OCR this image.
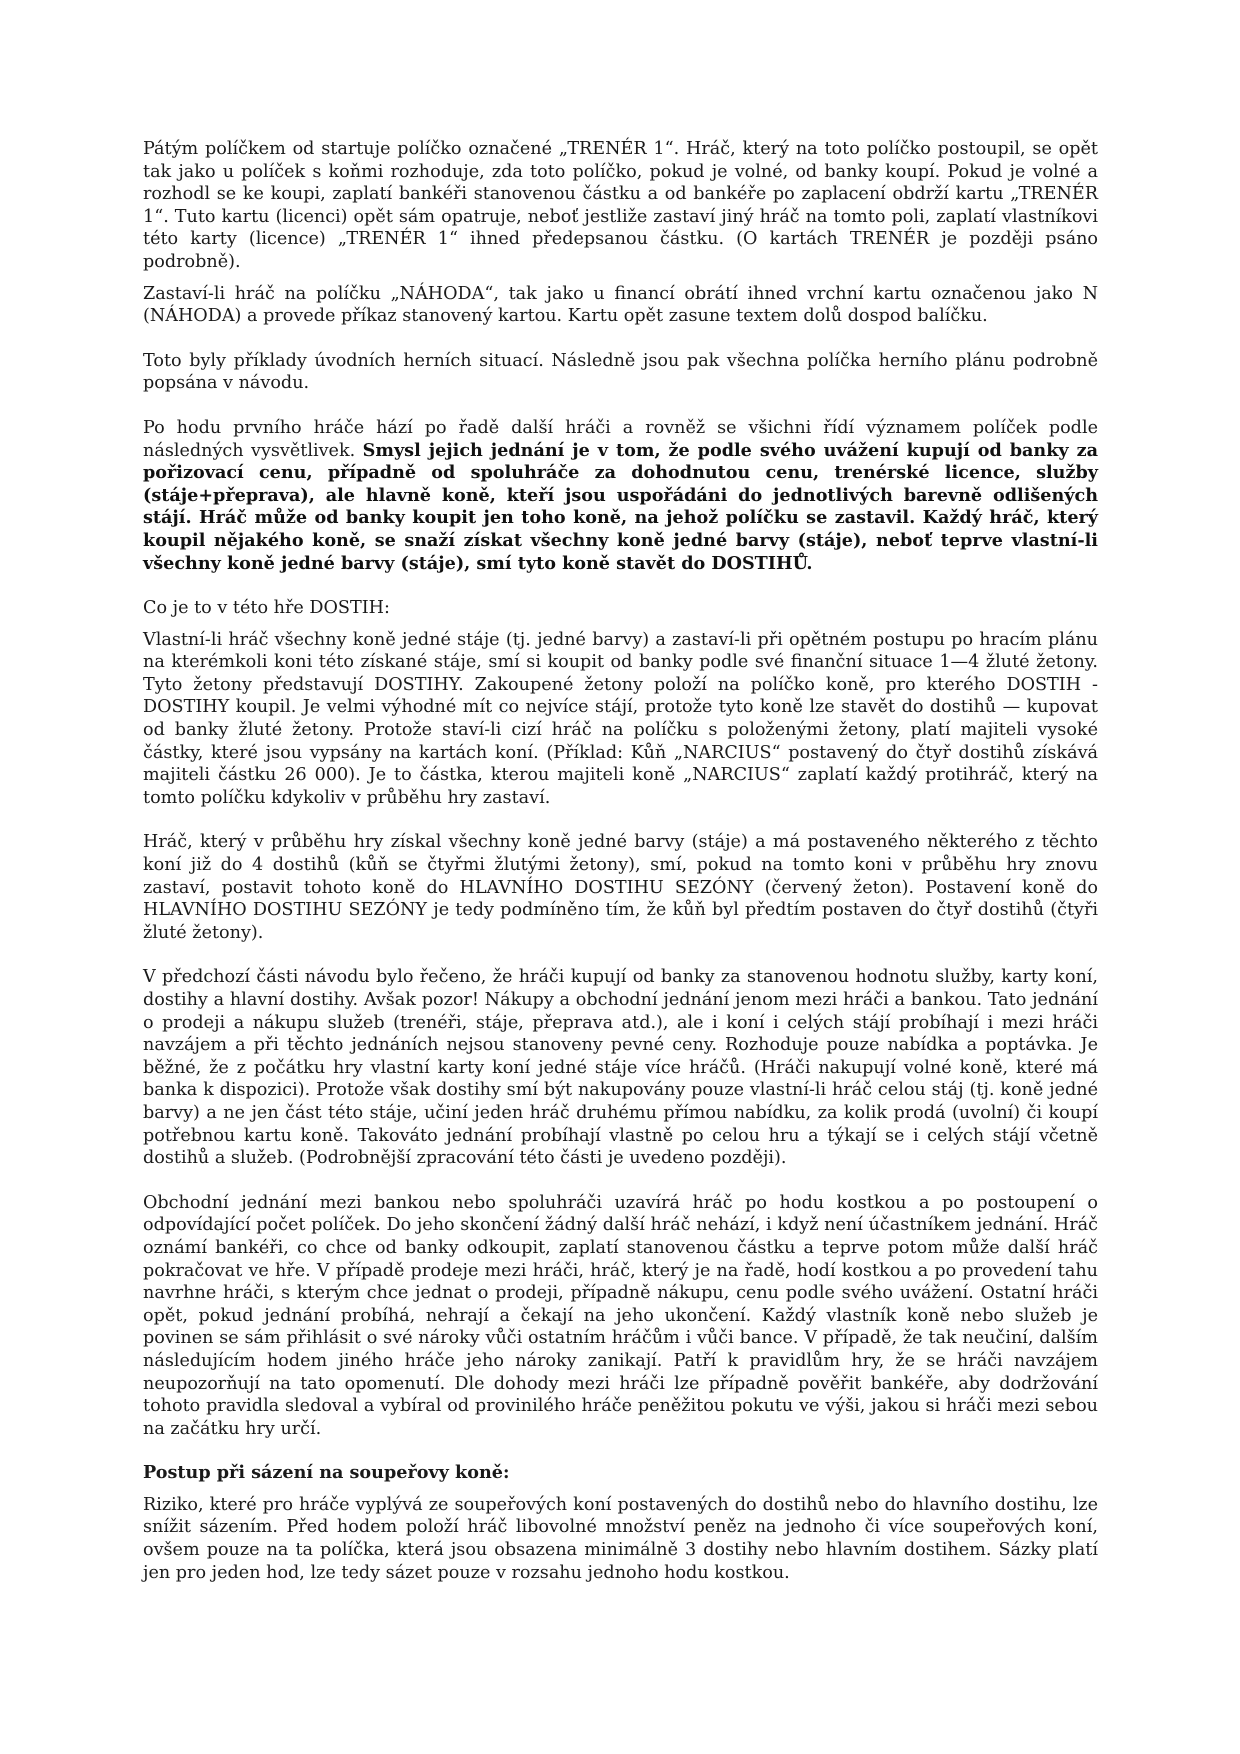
Pátým políčkem od startuje políčko označené „TRENÉR 1“. Hráč, který na toto políčko postoupil, se opět tak jako u políček s koňmi rozhoduje, zda toto políčko, pokud je volné, od banky koupí. Pokud je volné a rozhodl se ke koupi, zaplatí bankéři stanovenou částku a od bankéře po zaplacení obdrží kartu „TRENÉR 1“. Tuto kartu (licenci) opět sám opatruje, neboť jestliže zastaví jiný hráč na tomto poli, zaplatí vlastníkovi této karty (licence) „TRENÉR 1“ ihned předepsanou částku. (O kartách TRENÉR je později psáno podrobně).

Zastaví-li hráč na políčku „NÁHODA“, tak jako u financí obrátí ihned vrchní kartu označenou jako N (NÁHODA) a provede příkaz stanovený kartou. Kartu opět zasune textem dolů dospod balíčku.

Toto byly příklady úvodních herních situací. Následně jsou pak všechna políčka herního plánu podrobně popsána v návodu.

Po hodu prvního hráče hází po řadě další hráči a rovněž se všichni řídí významem políček podle následných vysvětlivek. Smysl jejich jednání je v tom, že podle svého uvážení kupují od banky za pořizovací cenu, případně od spoluhráče za dohodnutou cenu, trenérské licence, služby (stáje+přeprava), ale hlavně koně, kteří jsou uspořádáni do jednotlivých barevně odlišených stájí. Hráč může od banky koupit jen toho koně, na jehož políčku se zastavil. Každý hráč, který koupil nějakého koně, se snaží získat všechny koně jedné barvy (stáje), neboť teprve vlastní-li všechny koně jedné barvy (stáje), smí tyto koně stavět do DOSTIHŮ.

Co je to v této hře DOSTIH:

Vlastní-li hráč všechny koně jedné stáje (tj. jedné barvy) a zastaví-li při opětném postupu po hracím plánu na kterémkoli koni této získané stáje, smí si koupit od banky podle své finanční situace 1—4 žluté žetony. Tyto žetony představují DOSTIHY. Zakoupené žetony položí na políčko koně, pro kterého DOSTIH - DOSTIHY koupil. Je velmi výhodné mít co nejvíce stájí, protože tyto koně lze stavět do dostihů — kupovat od banky žluté žetony. Protože staví-li cizí hráč na políčku s položenými žetony, platí majiteli vysoké částky, které jsou vypsány na kartách koní. (Příklad: Kůň „NARCIUS“ postavený do čtyř dostihů získává majiteli částku 26 000). Je to částka, kterou majiteli koně „NARCIUS“ zaplatí každý protihráč, který na tomto políčku kdykoliv v průběhu hry zastaví.

Hráč, který v průběhu hry získal všechny koně jedné barvy (stáje) a má postaveného některého z těchto koní již do 4 dostihů (kůň se čtyřmi žlutými žetony), smí, pokud na tomto koni v průběhu hry znovu zastaví, postavit tohoto koně do HLAVNÍHO DOSTIHU SEZÓNY (červený žeton). Postavení koně do HLAVNÍHO DOSTIHU SEZÓNY je tedy podmíněno tím, že kůň byl předtím postaven do čtyř dostihů (čtyři žluté žetony).

V předchozí části návodu bylo řečeno, že hráči kupují od banky za stanovenou hodnotu služby, karty koní, dostihy a hlavní dostihy. Avšak pozor! Nákupy a obchodní jednání jenom mezi hráči a bankou. Tato jednání o prodeji a nákupu služeb (trenéři, stáje, přeprava atd.), ale i koní i celých stájí probíhají i mezi hráči navzájem a při těchto jednáních nejsou stanoveny pevné ceny. Rozhoduje pouze nabídka a poptávka. Je běžné, že z počátku hry vlastní karty koní jedné stáje více hráčů. (Hráči nakupují volné koně, které má banka k dispozici). Protože však dostihy smí být nakupovány pouze vlastní-li hráč celou stáj (tj. koně jedné barvy) a ne jen část této stáje, učiní jeden hráč druhému přímou nabídku, za kolik prodá (uvolní) či koupí potřebnou kartu koně. Takováto jednání probíhají vlastně po celou hru a týkají se i celých stájí včetně dostihů a služeb. (Podrobnější zpracování této části je uvedeno později).

Obchodní jednání mezi bankou nebo spoluhráči uzavírá hráč po hodu kostkou a po postoupení o odpovídající počet políček. Do jeho skončení žádný další hráč nehází, i když není účastníkem jednání. Hráč oznámí bankéři, co chce od banky odkoupit, zaplatí stanovenou částku a teprve potom může další hráč pokračovat ve hře. V případě prodeje mezi hráči, hráč, který je na řadě, hodí kostkou a po provedení tahu navrhne hráči, s kterým chce jednat o prodeji, případně nákupu, cenu podle svého uvážení. Ostatní hráči opět, pokud jednání probíhá, nehrají a čekají na jeho ukončení. Každý vlastník koně nebo služeb je povinen se sám přihlásit o své nároky vůči ostatním hráčům i vůči bance. V případě, že tak neučiní, dalším následujícím hodem jiného hráče jeho nároky zanikají. Patří k pravidlům hry, že se hráči navzájem neupozorňují na tato opomenutí. Dle dohody mezi hráči lze případně pověřit bankéře, aby dodržování tohoto pravidla sledoval a vybíral od provinilého hráče peněžitou pokutu ve výši, jakou si hráči mezi sebou na začátku hry určí.

Postup při sázení na soupeřovy koně:

Riziko, které pro hráče vyplývá ze soupeřových koní postavených do dostihů nebo do hlavního dostihu, lze snížit sázením. Před hodem položí hráč libovolné množství peněz na jednoho či více soupeřových koní, ovšem pouze na ta políčka, která jsou obsazena minimálně 3 dostihy nebo hlavním dostihem. Sázky platí jen pro jeden hod, lze tedy sázet pouze v rozsahu jednoho hodu kostkou.
